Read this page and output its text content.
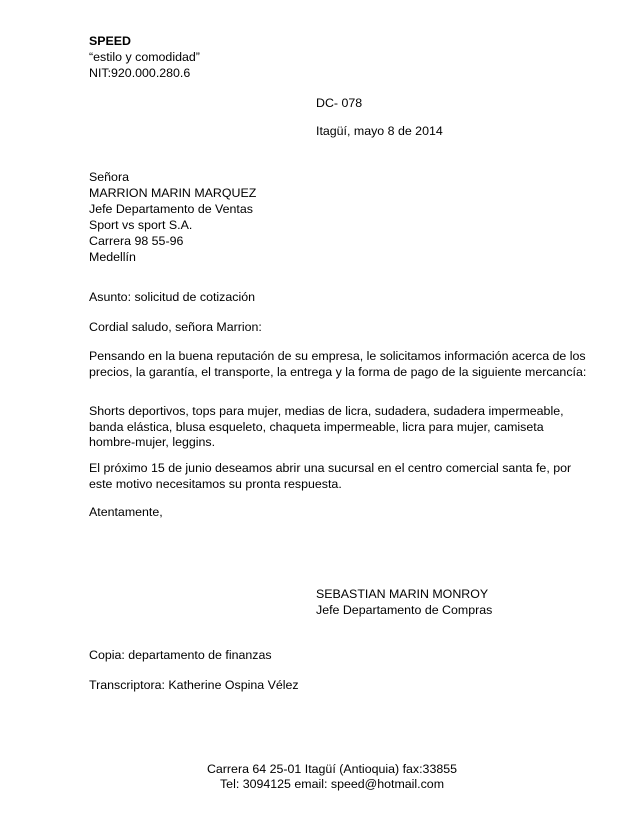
SPEED
“estilo y comodidad”
NIT:920.000.280.6
DC- 078
Itagüí, mayo 8 de 2014
Señora
MARRION MARIN MARQUEZ
Jefe Departamento de Ventas
Sport vs sport S.A.
Carrera 98 55-96
Medellín
Asunto: solicitud de cotización
Cordial saludo, señora Marrion:
Pensando en la buena reputación de su empresa, le solicitamos información acerca de los precios, la garantía, el transporte, la entrega y la forma de pago de la siguiente mercancía:
Shorts deportivos, tops para mujer, medias de licra, sudadera, sudadera impermeable, banda elástica, blusa esqueleto, chaqueta impermeable, licra para mujer, camiseta hombre-mujer, leggins.
El próximo 15 de junio deseamos abrir una sucursal en el centro comercial santa fe, por este motivo necesitamos su pronta respuesta.
Atentamente,
SEBASTIAN MARIN MONROY
Jefe Departamento de Compras
Copia: departamento de finanzas
Transcriptora: Katherine Ospina Vélez
Carrera 64 25-01 Itagüí (Antioquia) fax:33855
Tel: 3094125 email: speed@hotmail.com
